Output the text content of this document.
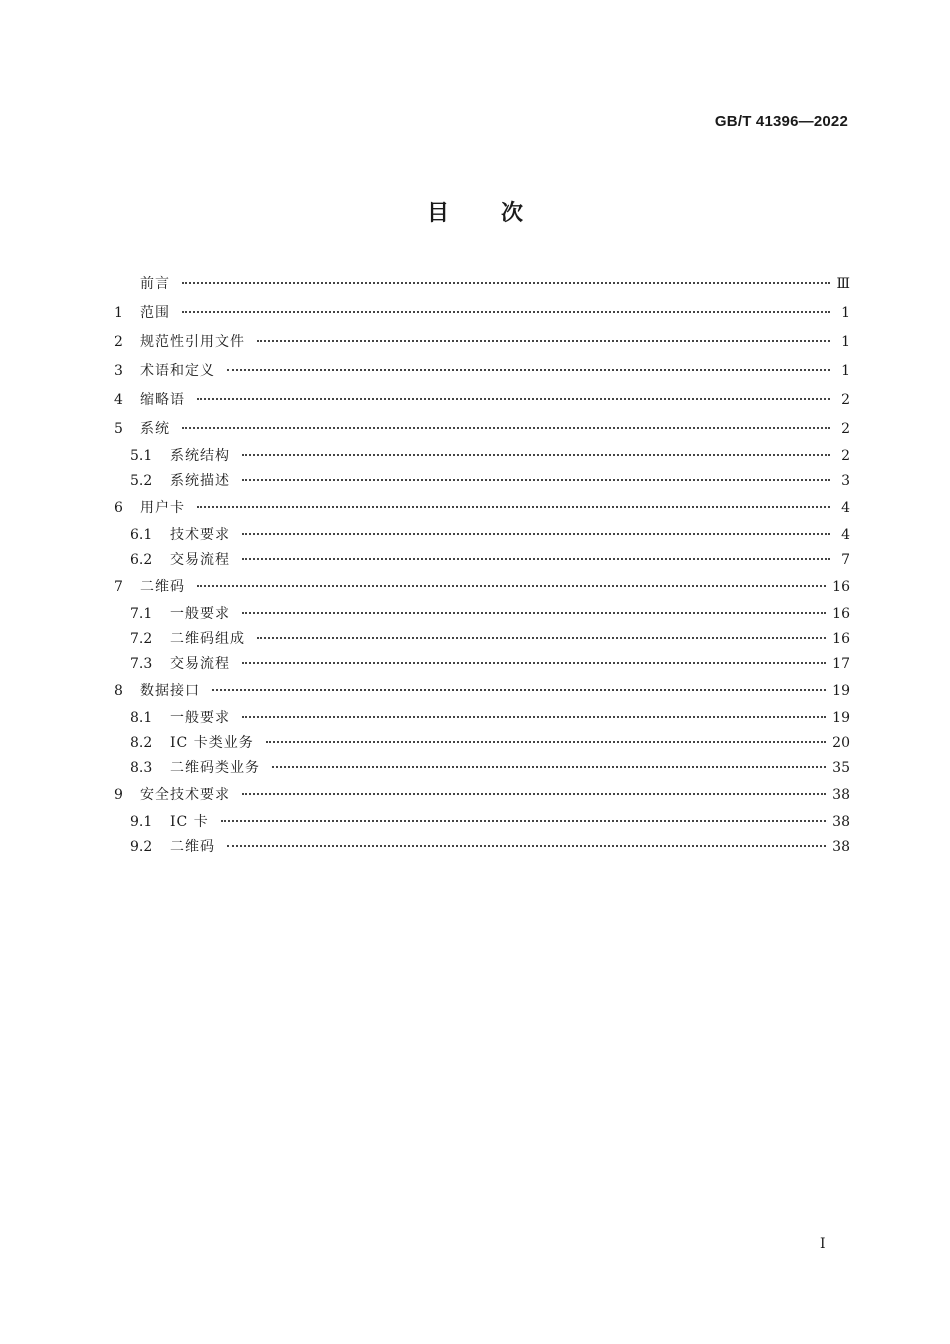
GB/T 41396—2022
目 次
前言	Ⅲ
1	范围	1
2	规范性引用文件	1
3	术语和定义	1
4	缩略语	2
5	系统	2
5.1	系统结构	2
5.2	系统描述	3
6	用户卡	4
6.1	技术要求	4
6.2	交易流程	7
7	二维码	16
7.1	一般要求	16
7.2	二维码组成	16
7.3	交易流程	17
8	数据接口	19
8.1	一般要求	19
8.2	IC 卡类业务	20
8.3	二维码类业务	35
9	安全技术要求	38
9.1	IC 卡	38
9.2	二维码	38
I
